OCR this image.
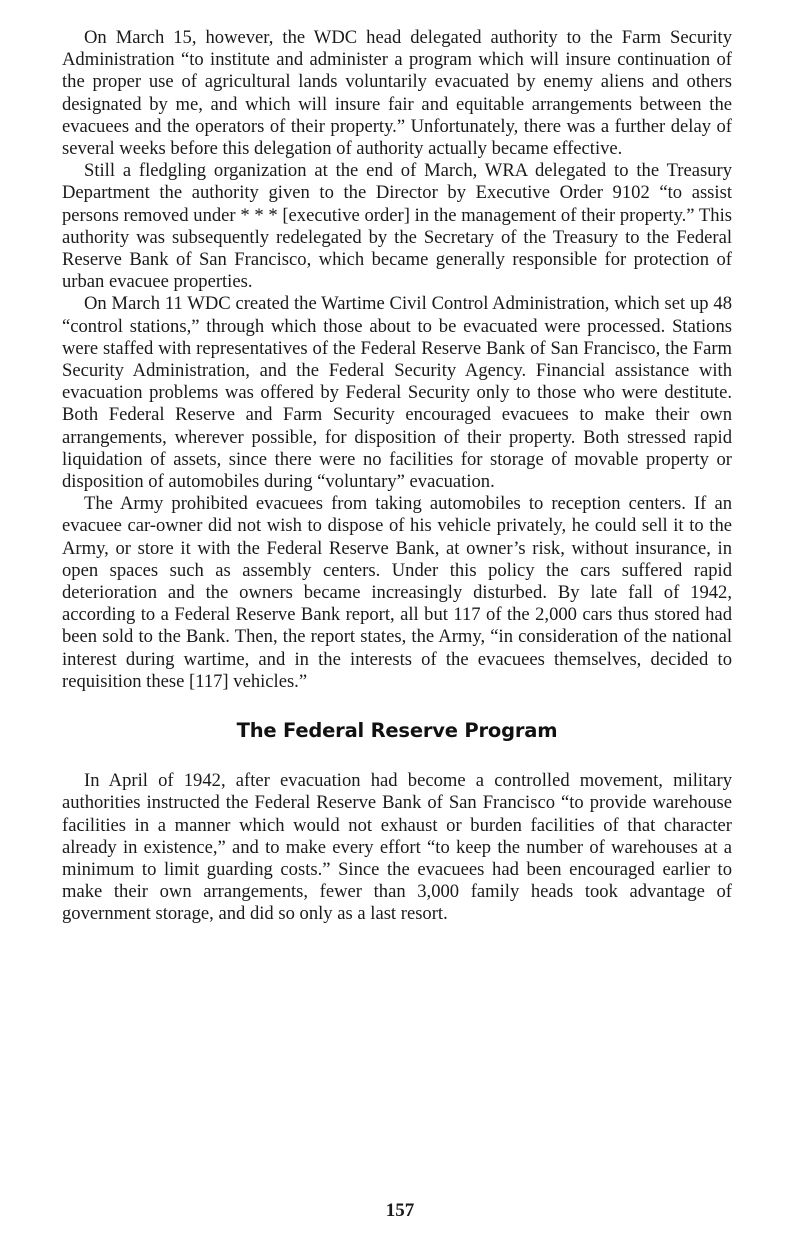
On March 15, however, the WDC head delegated authority to the Farm Security Administration “to institute and administer a program which will insure continuation of the proper use of agricultural lands voluntarily evacuated by enemy aliens and others designated by me, and which will insure fair and equitable arrangements between the evacuees and the operators of their property.” Unfortunately, there was a further delay of several weeks before this delegation of authority actually became effective.

Still a fledgling organization at the end of March, WRA delegated to the Treasury Department the authority given to the Director by Executive Order 9102 “to assist persons removed under * * * [executive order] in the management of their property.” This authority was subsequently redelegated by the Secretary of the Treasury to the Federal Reserve Bank of San Francisco, which became generally responsible for protection of urban evacuee properties.

On March 11 WDC created the Wartime Civil Control Administration, which set up 48 “control stations,” through which those about to be evacuated were processed. Stations were staffed with representatives of the Federal Reserve Bank of San Francisco, the Farm Security Administration, and the Federal Security Agency. Financial assistance with evacuation problems was offered by Federal Security only to those who were destitute. Both Federal Reserve and Farm Security encouraged evacuees to make their own arrangements, wherever possible, for disposition of their property. Both stressed rapid liquidation of assets, since there were no facilities for storage of movable property or disposition of automobiles during “voluntary” evacuation.

The Army prohibited evacuees from taking automobiles to reception centers. If an evacuee car-owner did not wish to dispose of his vehicle privately, he could sell it to the Army, or store it with the Federal Reserve Bank, at owner’s risk, without insurance, in open spaces such as assembly centers. Under this policy the cars suffered rapid deterioration and the owners became increasingly disturbed. By late fall of 1942, according to a Federal Reserve Bank report, all but 117 of the 2,000 cars thus stored had been sold to the Bank. Then, the report states, the Army, “in consideration of the national interest during wartime, and in the interests of the evacuees themselves, decided to requisition these [117] vehicles.”

The Federal Reserve Program

In April of 1942, after evacuation had become a controlled movement, military authorities instructed the Federal Reserve Bank of San Francisco “to provide warehouse facilities in a manner which would not exhaust or burden facilities of that character already in existence,” and to make every effort “to keep the number of warehouses at a minimum to limit guarding costs.” Since the evacuees had been encouraged earlier to make their own arrangements, fewer than 3,000 family heads took advantage of government storage, and did so only as a last resort.

157
